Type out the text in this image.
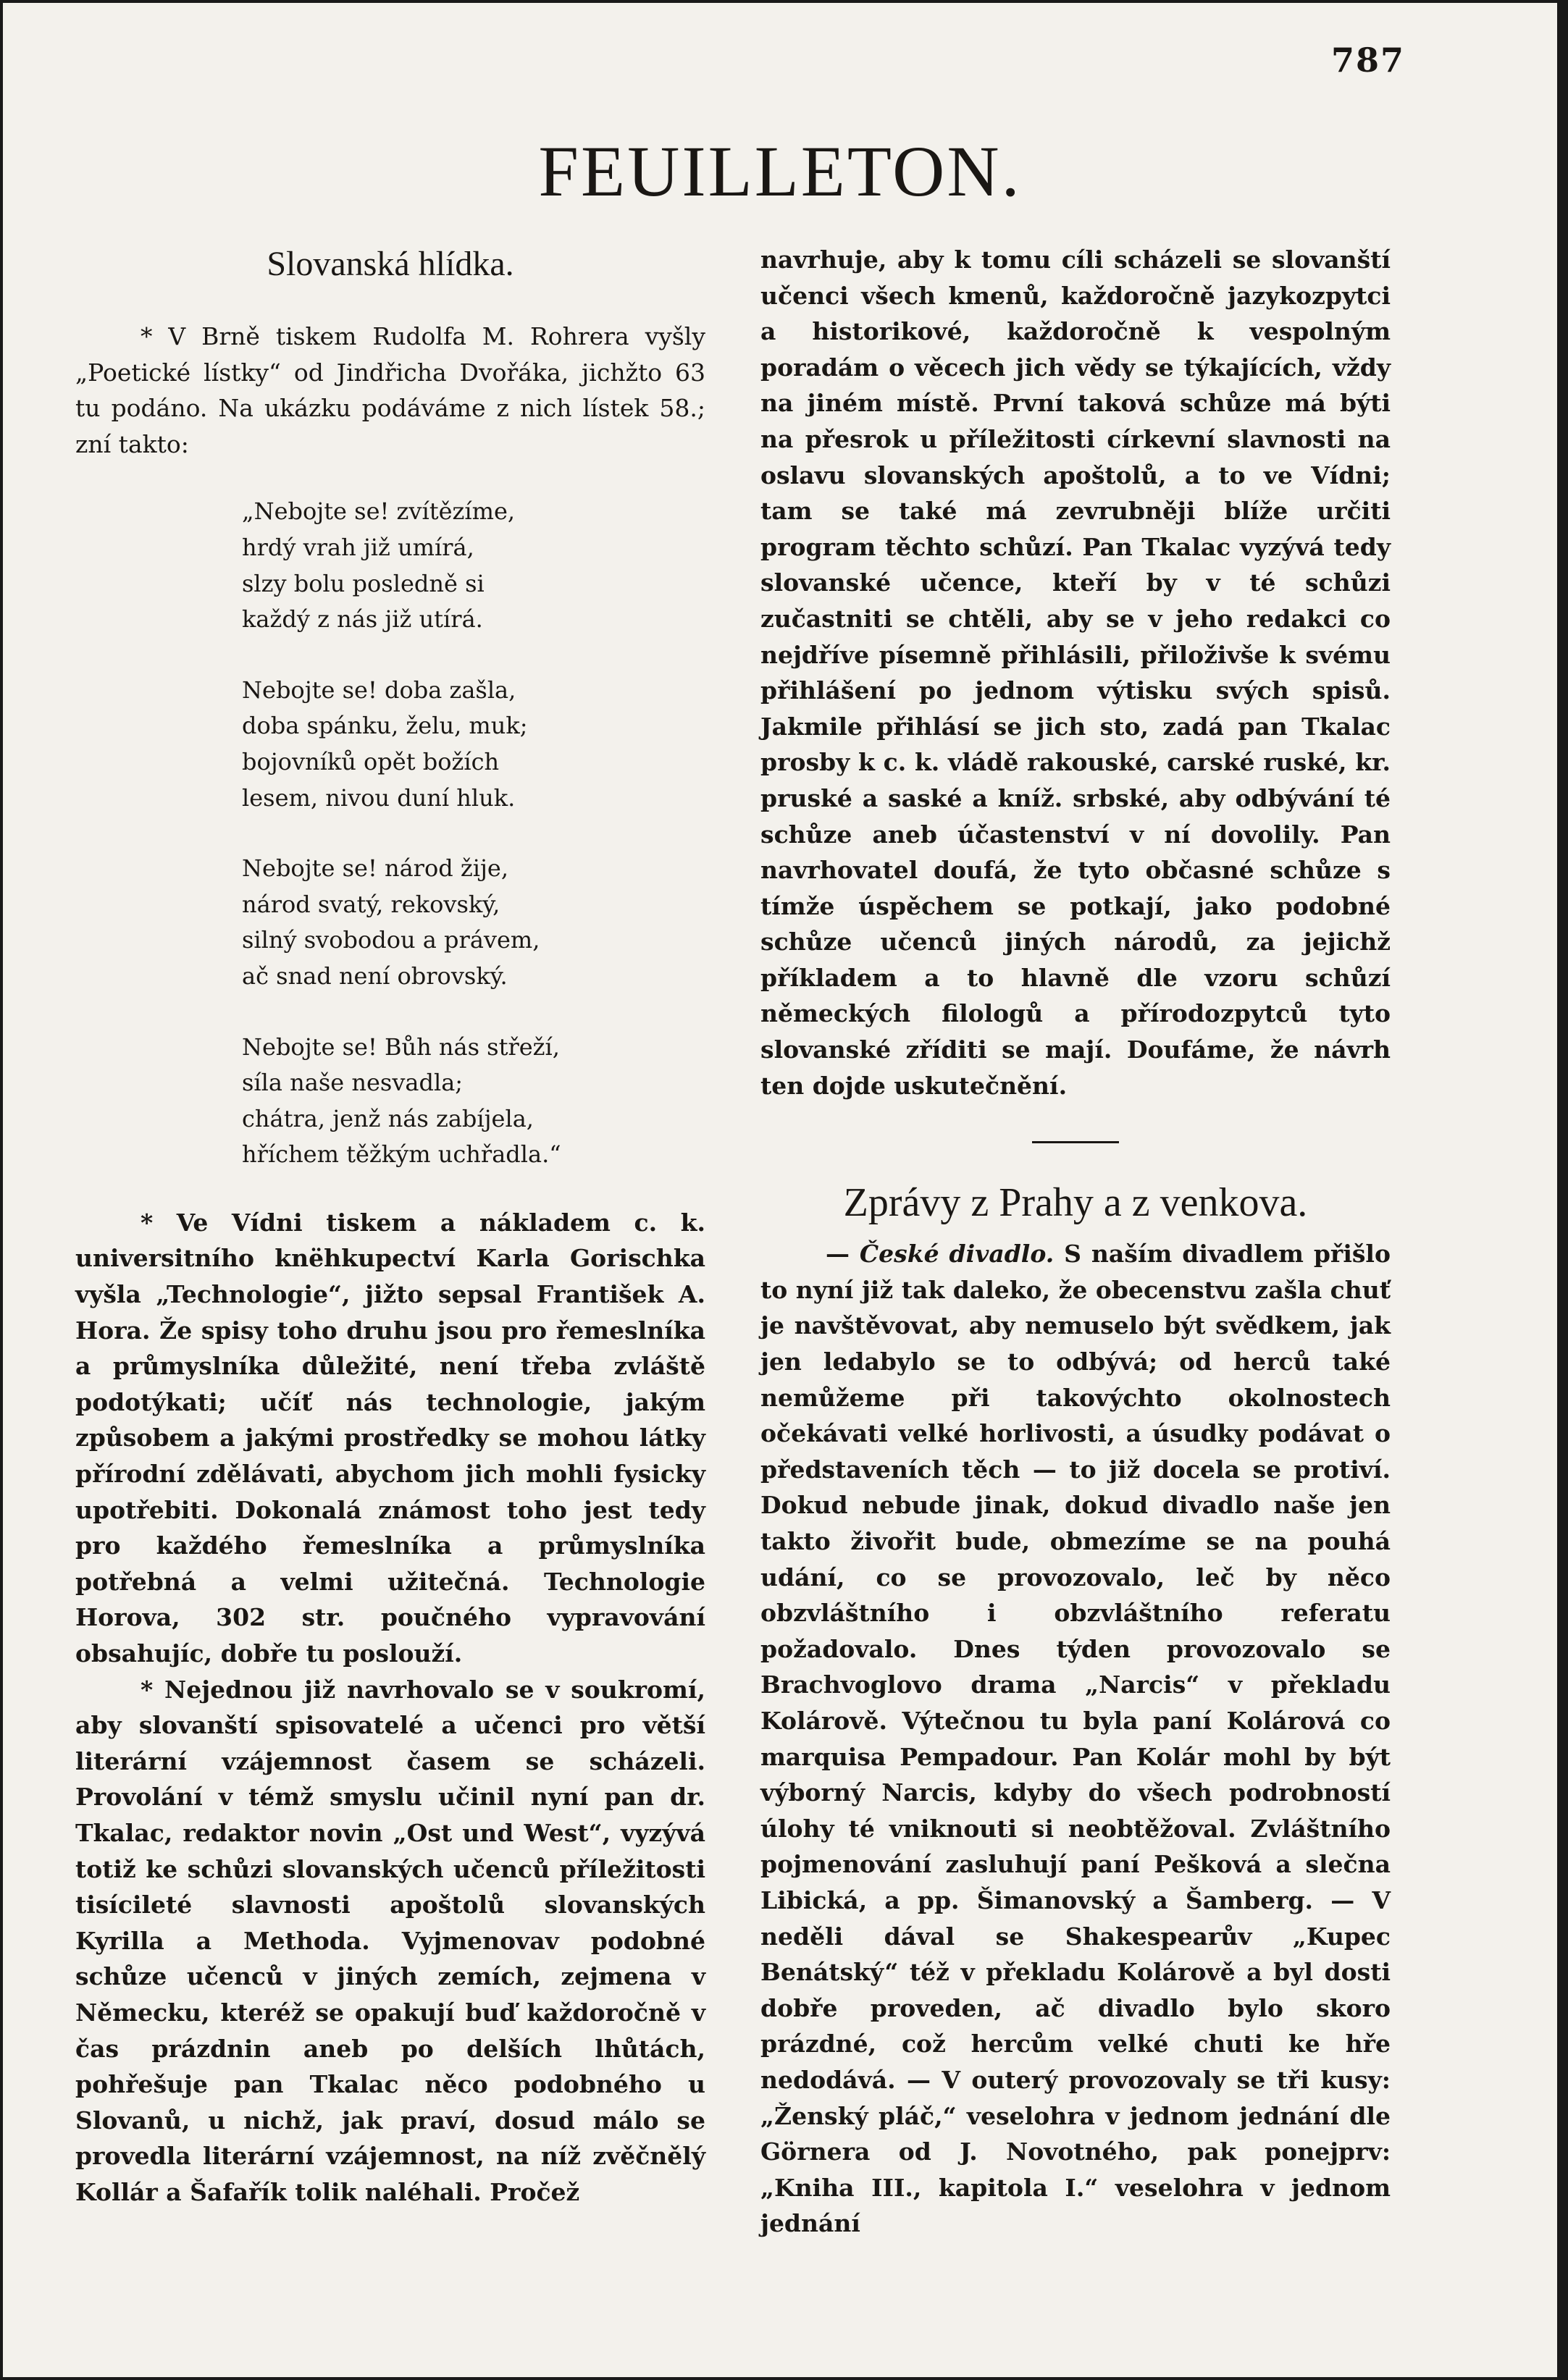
787
FEUILLETON.
Slovanská hlídka.

* V Brně tiskem Rudolfa M. Rohrera vyšly „Poetické lístky“ od Jindřicha Dvořáka, jichžto 63 tu podáno. Na ukázku podáváme z nich lístek 58.; zní takto:

„Nebojte se! zvítězíme,
hrdý vrah již umírá,
slzy bolu posledně si
každý z nás již utírá.
Nebojte se! doba zašla,
doba spánku, želu, muk;
bojovníků opět božích
lesem, nivou duní hluk.
Nebojte se! národ žije,
národ svatý, rekovský,
silný svobodou a právem,
ač snad není obrovský.
Nebojte se! Bůh nás střeží,
síla naše nesvadla;
chátra, jenž nás zabíjela,
hříchem těžkým uchřadla.“

* Ve Vídni tiskem a nákladem c. k. universitního knëhkupectví Karla Gorischka vyšla „Technologie“, jižto sepsal František A. Hora. Že spisy toho druhu jsou pro řemeslníka a průmyslníka důležité, není třeba zvláště podotýkati; učíť nás technologie, jakým způsobem a jakými prostředky se mohou látky přírodní zdělávati, abychom jich mohli fysicky upotřebiti. Dokonalá známost toho jest tedy pro každého řemeslníka a průmyslníka potřebná a velmi užitečná. Technologie Horova, 302 str. poučného vypravování obsahujíc, dobře tu poslouží.

* Nejednou již navrhovalo se v soukromí, aby slovanští spisovatelé a učenci pro větší literární vzájemnost časem se scházeli. Provolání v témž smyslu učinil nyní pan dr. Tkalac, redaktor novin „Ost und West“, vyzývá totiž ke schůzi slovanských učenců příležitosti tisícileté slavnosti apoštolů slovanských Kyrilla a Methoda. Vyjmenovav podobné schůze učenců v jiných zemích, zejmena v Německu, kteréž se opakují buď každoročně v čas prázdnin aneb po delších lhůtách, pohřešuje pan Tkalac něco podobného u Slovanů, u nichž, jak praví, dosud málo se provedla literární vzájemnost, na níž zvěčnělý Kollár a Šafařík tolik naléhali. Pročež

navrhuje, aby k tomu cíli scházeli se slovanští učenci všech kmenů, každoročně jazykozpytci a historikové, každoročně k vespolným poradám o věcech jich vědy se týkajících, vždy na jiném místě. První taková schůze má býti na přesrok u příležitosti církevní slavnosti na oslavu slovanských apoštolů, a to ve Vídni; tam se také má zevrubněji blíže určiti program těchto schůzí. Pan Tkalac vyzývá tedy slovanské učence, kteří by v té schůzi zučastniti se chtěli, aby se v jeho redakci co nejdříve písemně přihlásili, přiloživše k svému přihlášení po jednom výtisku svých spisů. Jakmile přihlásí se jich sto, zadá pan Tkalac prosby k c. k. vládě rakouské, carské ruské, kr. pruské a saské a kníž. srbské, aby odbývání té schůze aneb účastenství v ní dovolily. Pan navrhovatel doufá, že tyto občasné schůze s tímže úspěchem se potkají, jako podobné schůze učenců jiných národů, za jejichž příkladem a to hlavně dle vzoru schůzí německých filologů a přírodozpytců tyto slovanské zříditi se mají. Doufáme, že návrh ten dojde uskutečnění.

Zprávy z Prahy a z venkova.

— České divadlo. S naším divadlem přišlo to nyní již tak daleko, že obecenstvu zašla chuť je navštěvovat, aby nemuselo být svědkem, jak jen ledabylo se to odbývá; od herců také nemůžeme při takovýchto okolnostech očekávati velké horlivosti, a úsudky podávat o představeních těch — to již docela se protiví. Dokud nebude jinak, dokud divadlo naše jen takto živořit bude, obmezíme se na pouhá udání, co se provozovalo, leč by něco obzvláštního i obzvláštního referatu požadovalo. Dnes týden provozovalo se Brachvoglovo drama „Narcis“ v překladu Kolárově. Výtečnou tu byla paní Kolárová co marquisa Pempadour. Pan Kolár mohl by být výborný Narcis, kdyby do všech podrobností úlohy té vniknouti si neobtěžoval. Zvláštního pojmenování zasluhují paní Pešková a slečna Libická, a pp. Šimanovský a Šamberg. — V neděli dával se Shakespearův „Kupec Benátský“ též v překladu Kolárově a byl dosti dobře proveden, ač divadlo bylo skoro prázdné, což hercům velké chuti ke hře nedodává. — V outerý provozovaly se tři kusy: „Ženský pláč,“ veselohra v jednom jednání dle Görnera od J. Novotného, pak ponejprv: „Kniha III., kapitola I.“ veselohra v jednom jednání
